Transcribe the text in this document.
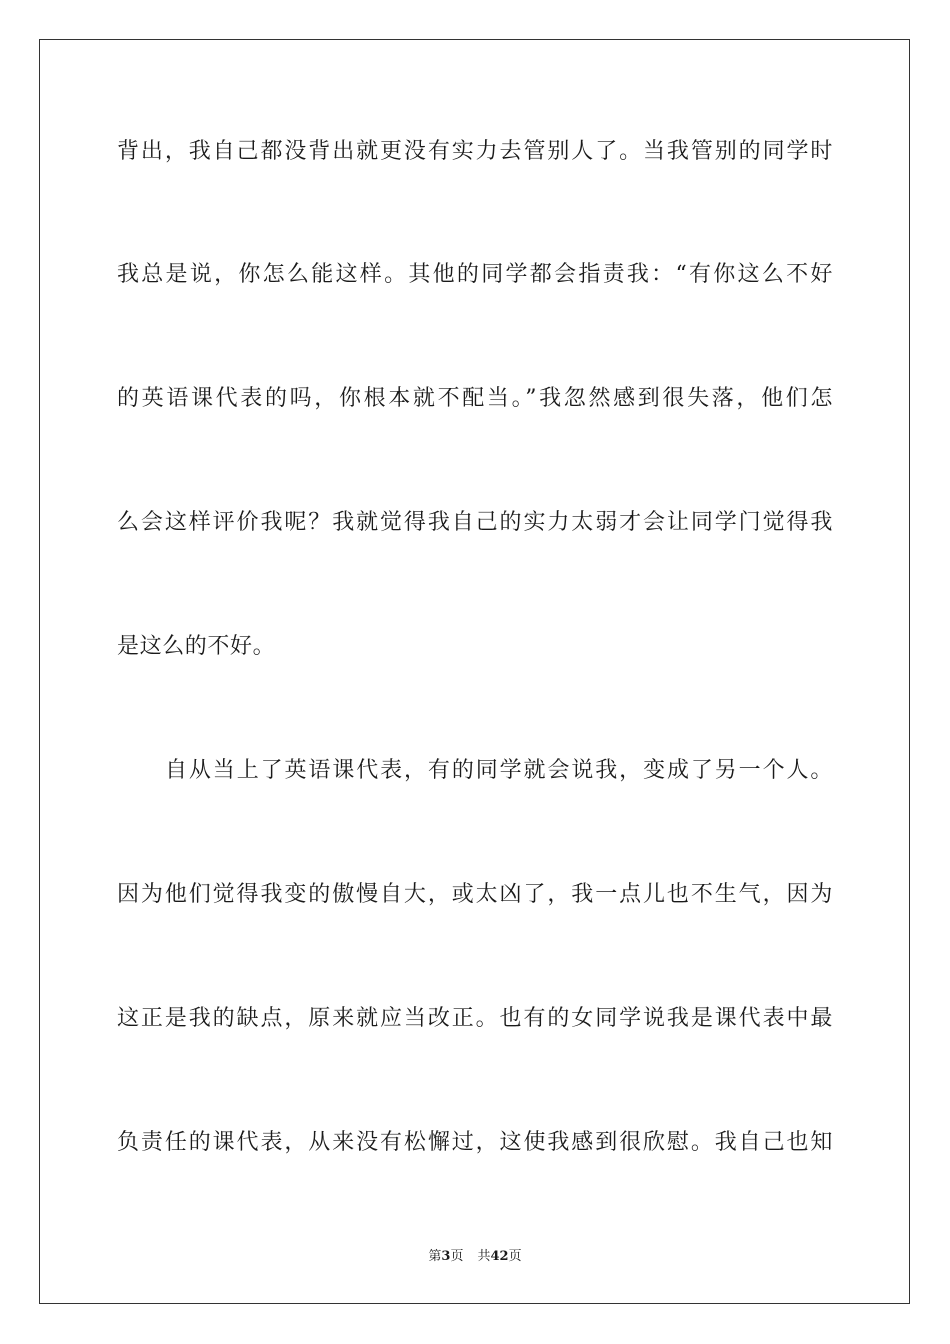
背出，我自己都没背出就更没有实力去管别人了。当我管别的同学时
我总是说，你怎么能这样。其他的同学都会指责我：“有你这么不好
的英语课代表的吗，你根本就不配当。”我忽然感到很失落，他们怎
么会这样评价我呢？我就觉得我自己的实力太弱才会让同学门觉得我
是这么的不好。
自从当上了英语课代表，有的同学就会说我，变成了另一个人。
因为他们觉得我变的傲慢自大，或太凶了，我一点儿也不生气，因为
这正是我的缺点，原来就应当改正。也有的女同学说我是课代表中最
负责任的课代表，从来没有松懈过，这使我感到很欣慰。我自己也知
第3页 共42页
